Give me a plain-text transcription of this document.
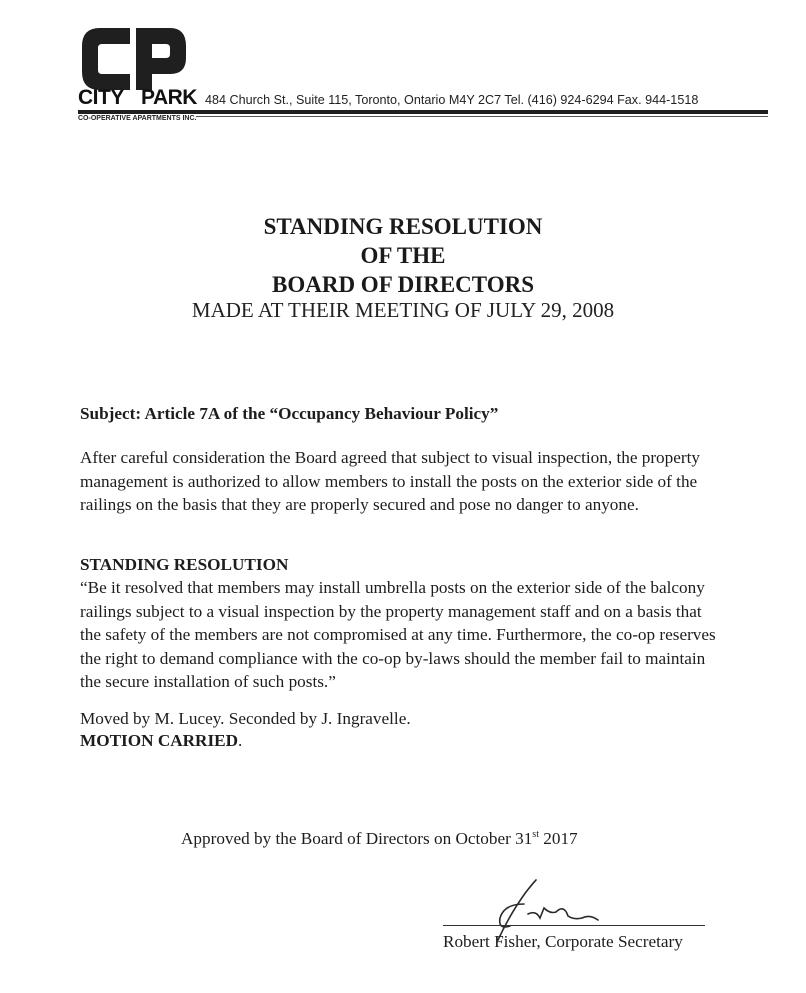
CITY PARK 484 Church St., Suite 115, Toronto, Ontario M4Y 2C7 Tel. (416) 924-6294 Fax. 944-1518
CO-OPERATIVE APARTMENTS INC.
STANDING RESOLUTION
OF THE
BOARD OF DIRECTORS
MADE AT THEIR MEETING OF JULY 29, 2008
Subject: Article 7A of the “Occupancy Behaviour Policy”
After careful consideration the Board agreed that subject to visual inspection, the property management is authorized to allow members to install the posts on the exterior side of the railings on the basis that they are properly secured and pose no danger to anyone.
STANDING RESOLUTION
“Be it resolved that members may install umbrella posts on the exterior side of the balcony railings subject to a visual inspection by the property management staff and on a basis that the safety of the members are not compromised at any time. Furthermore, the co-op reserves the right to demand compliance with the co-op by-laws should the member fail to maintain the secure installation of such posts.”
Moved by M. Lucey. Seconded by J. Ingravelle.
MOTION CARRIED.
Approved by the Board of Directors on October 31st 2017
Robert Fisher, Corporate Secretary
